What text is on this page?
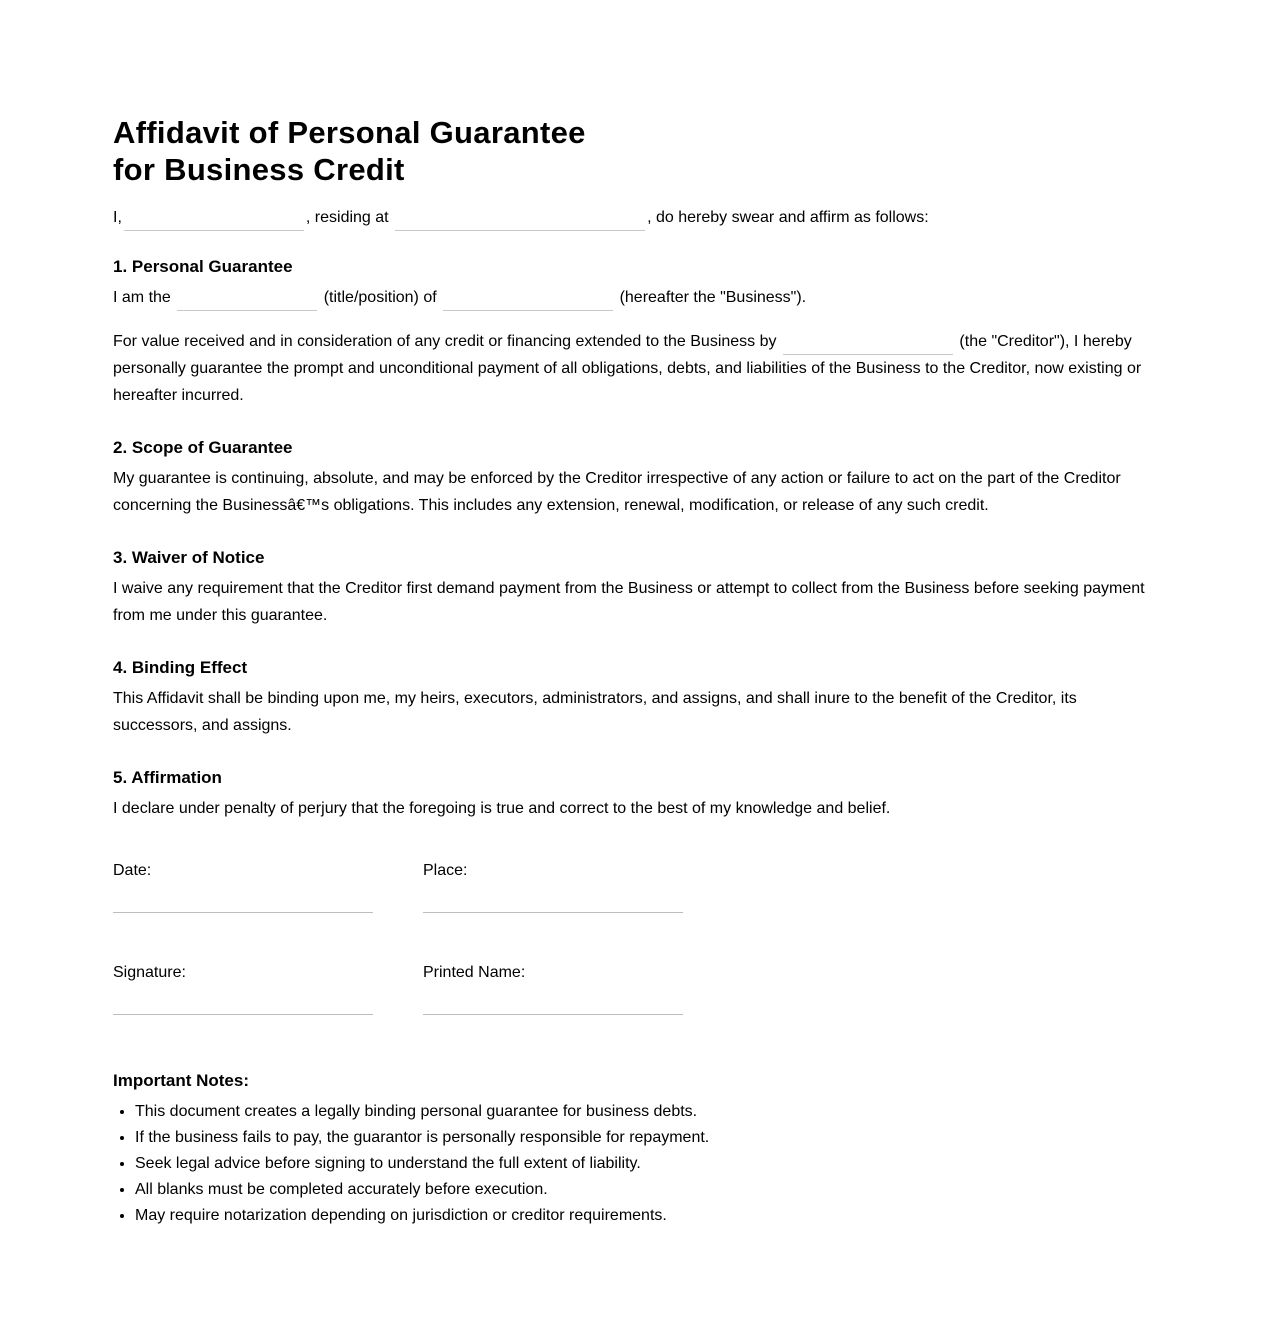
Affidavit of Personal Guarantee
for Business Credit

I,	, residing at	, do hereby swear and affirm as follows:

1. Personal Guarantee

I am the	(title/position) of	(hereafter the "Business").

For value received and in consideration of any credit or financing extended to the Business by	(the "Creditor"), I hereby personally guarantee the prompt and unconditional payment of all obligations, debts, and liabilities of the Business to the Creditor, now existing or hereafter incurred.

2. Scope of Guarantee

My guarantee is continuing, absolute, and may be enforced by the Creditor irrespective of any action or failure to act on the part of the Creditor concerning the Businessâ€™s obligations. This includes any extension, renewal, modification, or release of any such credit.

3. Waiver of Notice

I waive any requirement that the Creditor first demand payment from the Business or attempt to collect from the Business before seeking payment from me under this guarantee.

4. Binding Effect

This Affidavit shall be binding upon me, my heirs, executors, administrators, and assigns, and shall inure to the benefit of the Creditor, its successors, and assigns.

5. Affirmation

I declare under penalty of perjury that the foregoing is true and correct to the best of my knowledge and belief.

Date:	Place:
Signature:	Printed Name:

Important Notes:

• This document creates a legally binding personal guarantee for business debts.
• If the business fails to pay, the guarantor is personally responsible for repayment.
• Seek legal advice before signing to understand the full extent of liability.
• All blanks must be completed accurately before execution.
• May require notarization depending on jurisdiction or creditor requirements.
